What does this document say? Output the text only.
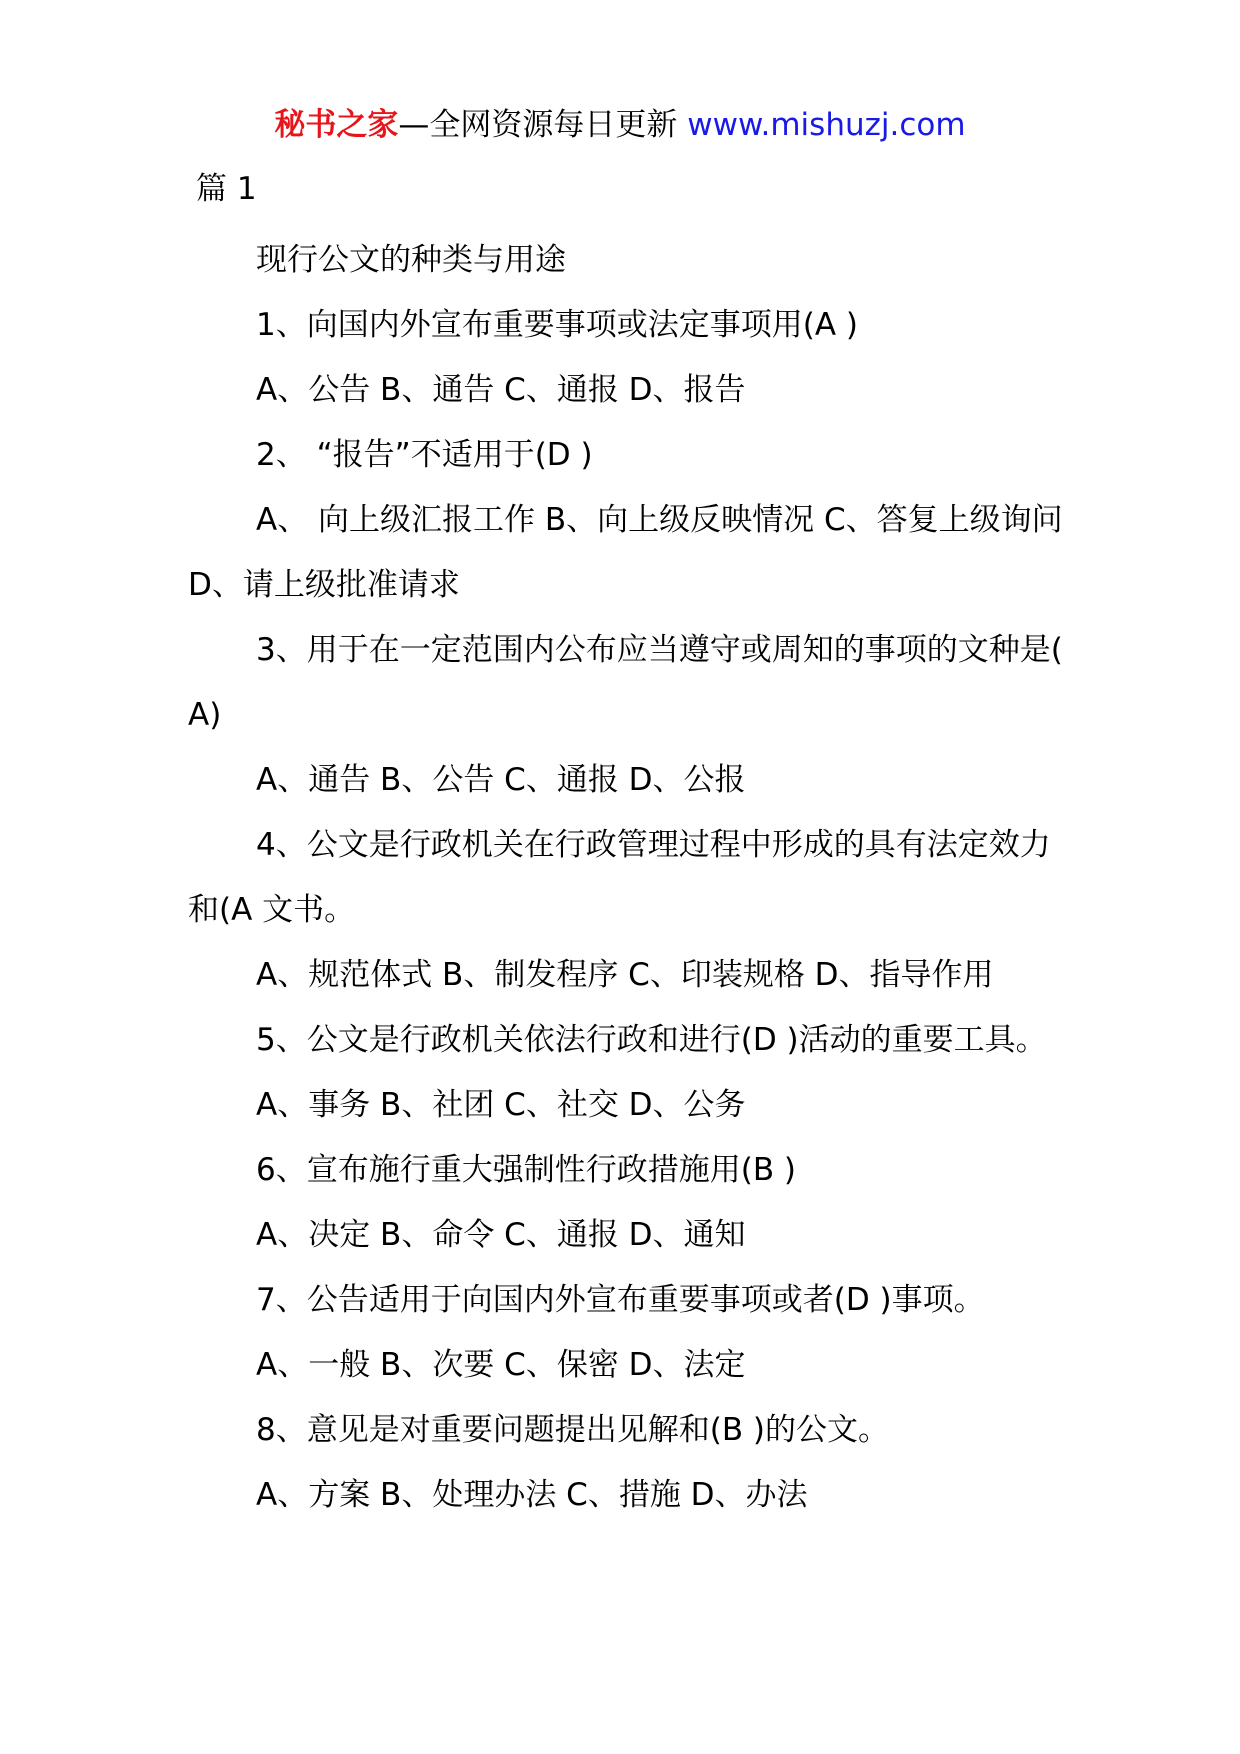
秘书之家—全网资源每日更新 www.mishuzj.com
篇 1

现行公文的种类与用途

1、向国内外宣布重要事项或法定事项用(A )

A、公告 B、通告 C、通报 D、报告

2、 “报告”不适用于(D )

A、 向上级汇报工作 B、向上级反映情况 C、答复上级询问 D、请上级批准请求

3、用于在一定范围内公布应当遵守或周知的事项的文种是( A)

A、通告 B、公告 C、通报 D、公报

4、公文是行政机关在行政管理过程中形成的具有法定效力和(A 文书。

A、规范体式 B、制发程序 C、印装规格 D、指导作用

5、公文是行政机关依法行政和进行(D )活动的重要工具。

A、事务 B、社团 C、社交 D、公务

6、宣布施行重大强制性行政措施用(B )

A、决定 B、命令 C、通报 D、通知

7、公告适用于向国内外宣布重要事项或者(D )事项。

A、一般 B、次要 C、保密 D、法定

8、意见是对重要问题提出见解和(B )的公文。

A、方案 B、处理办法 C、措施 D、办法
